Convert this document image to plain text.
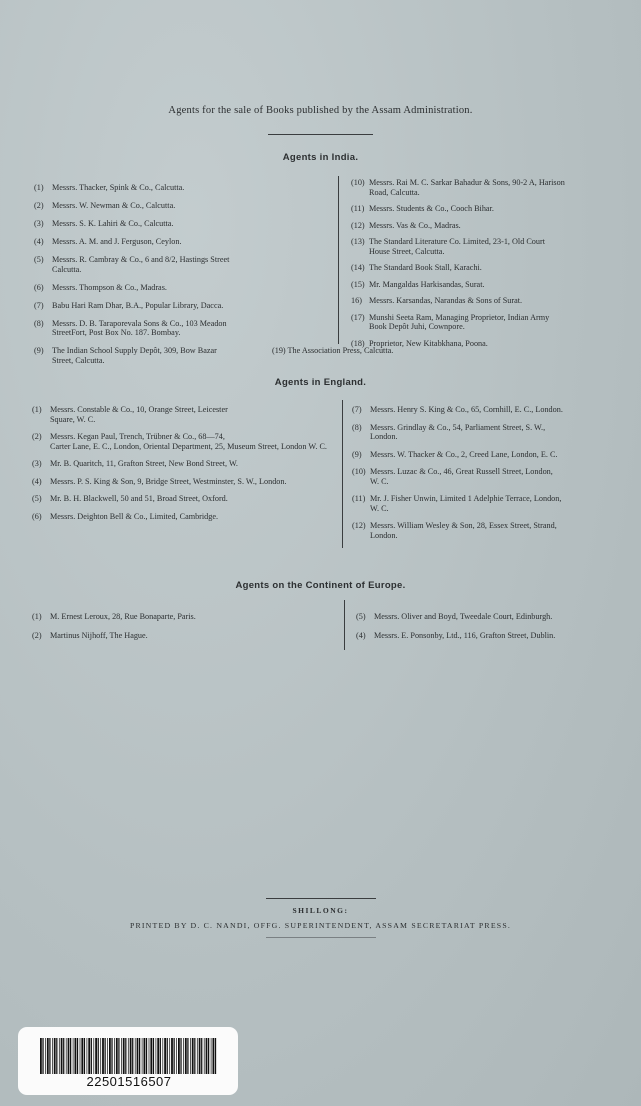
Agents for the sale of Books published by the Assam Administration.
Agents in India.
(1) Messrs. Thacker, Spink & Co., Calcutta.
(2) Messrs. W. Newman & Co., Calcutta.
(3) Messrs. S. K. Lahiri & Co., Calcutta.
(4) Messrs. A. M. and J. Ferguson, Ceylon.
(5) Messrs. R. Cambray & Co., 6 and 8/2, Hastings Street
Calcutta.
(6) Messrs. Thompson & Co., Madras.
(7) Babu Hari Ram Dhar, B.A., Popular Library, Dacca.
(8) Messrs. D. B. Taraporevala Sons & Co., 103 Meadon
StreetFort, Post Box No. 187. Bombay.
(9) The Indian School Supply Depôt, 309, Bow Bazar
Street, Calcutta.
(10) Messrs. Rai M. C. Sarkar Bahadur & Sons, 90-2 A, Harison
Road, Calcutta.
(11) Messrs. Students & Co., Cooch Bihar.
(12) Messrs. Vas & Co., Madras.
(13) The Standard Literature Co. Limited, 23-1, Old Court
House Street, Calcutta.
(14) The Standard Book Stall, Karachi.
(15) Mr. Mangaldas Harkisandas, Surat.
16) Messrs. Karsandas, Narandas & Sons of Surat.
(17) Munshi Seeta Ram, Managing Proprietor, Indian Army
Book Depôt Juhi, Cownpore.
(18) Proprietor, New Kitabkhana, Poona.
(19) The Association Press, Calcutta.
Agents in England.
(1) Messrs. Constable & Co., 10, Orange Street, Leicester
Square, W. C.
(2) Messrs. Kegan Paul, Trench, Trübner & Co., 68—74,
Carter Lane, E. C., London, Oriental Department, 25, Museum Street, London W. C.
(3) Mr. B. Quaritch, 11, Grafton Street, New Bond Street, W.
(4) Messrs. P. S. King & Son, 9, Bridge Street, Westminster, S. W., London.
(5) Mr. B. H. Blackwell, 50 and 51, Broad Street, Oxford.
(6) Messrs. Deighton Bell & Co., Limited, Cambridge.
(7) Messrs. Henry S. King & Co., 65, Cornhill, E. C., London.
(8) Messrs. Grindlay & Co., 54, Parliament Street, S. W.,
London.
(9) Messrs. W. Thacker & Co., 2, Creed Lane, London, E. C.
(10) Messrs. Luzac & Co., 46, Great Russell Street, London,
W. C.
(11) Mr. J. Fisher Unwin, Limited 1 Adelphie Terrace, London,
W. C.
(12) Messrs. William Wesley & Son, 28, Essex Street, Strand,
London.
Agents on the Continent of Europe.
(1) M. Ernest Leroux, 28, Rue Bonaparte, Paris.
(2) Martinus Nijhoff, The Hague.
(5) Messrs. Oliver and Boyd, Tweedale Court, Edinburgh.
(4) Messrs. E. Ponsonby, Ltd., 116, Grafton Street, Dublin.
SHILLONG:
PRINTED BY D. C. NANDI, OFFG. SUPERINTENDENT, ASSAM SECRETARIAT PRESS.
22501516507
